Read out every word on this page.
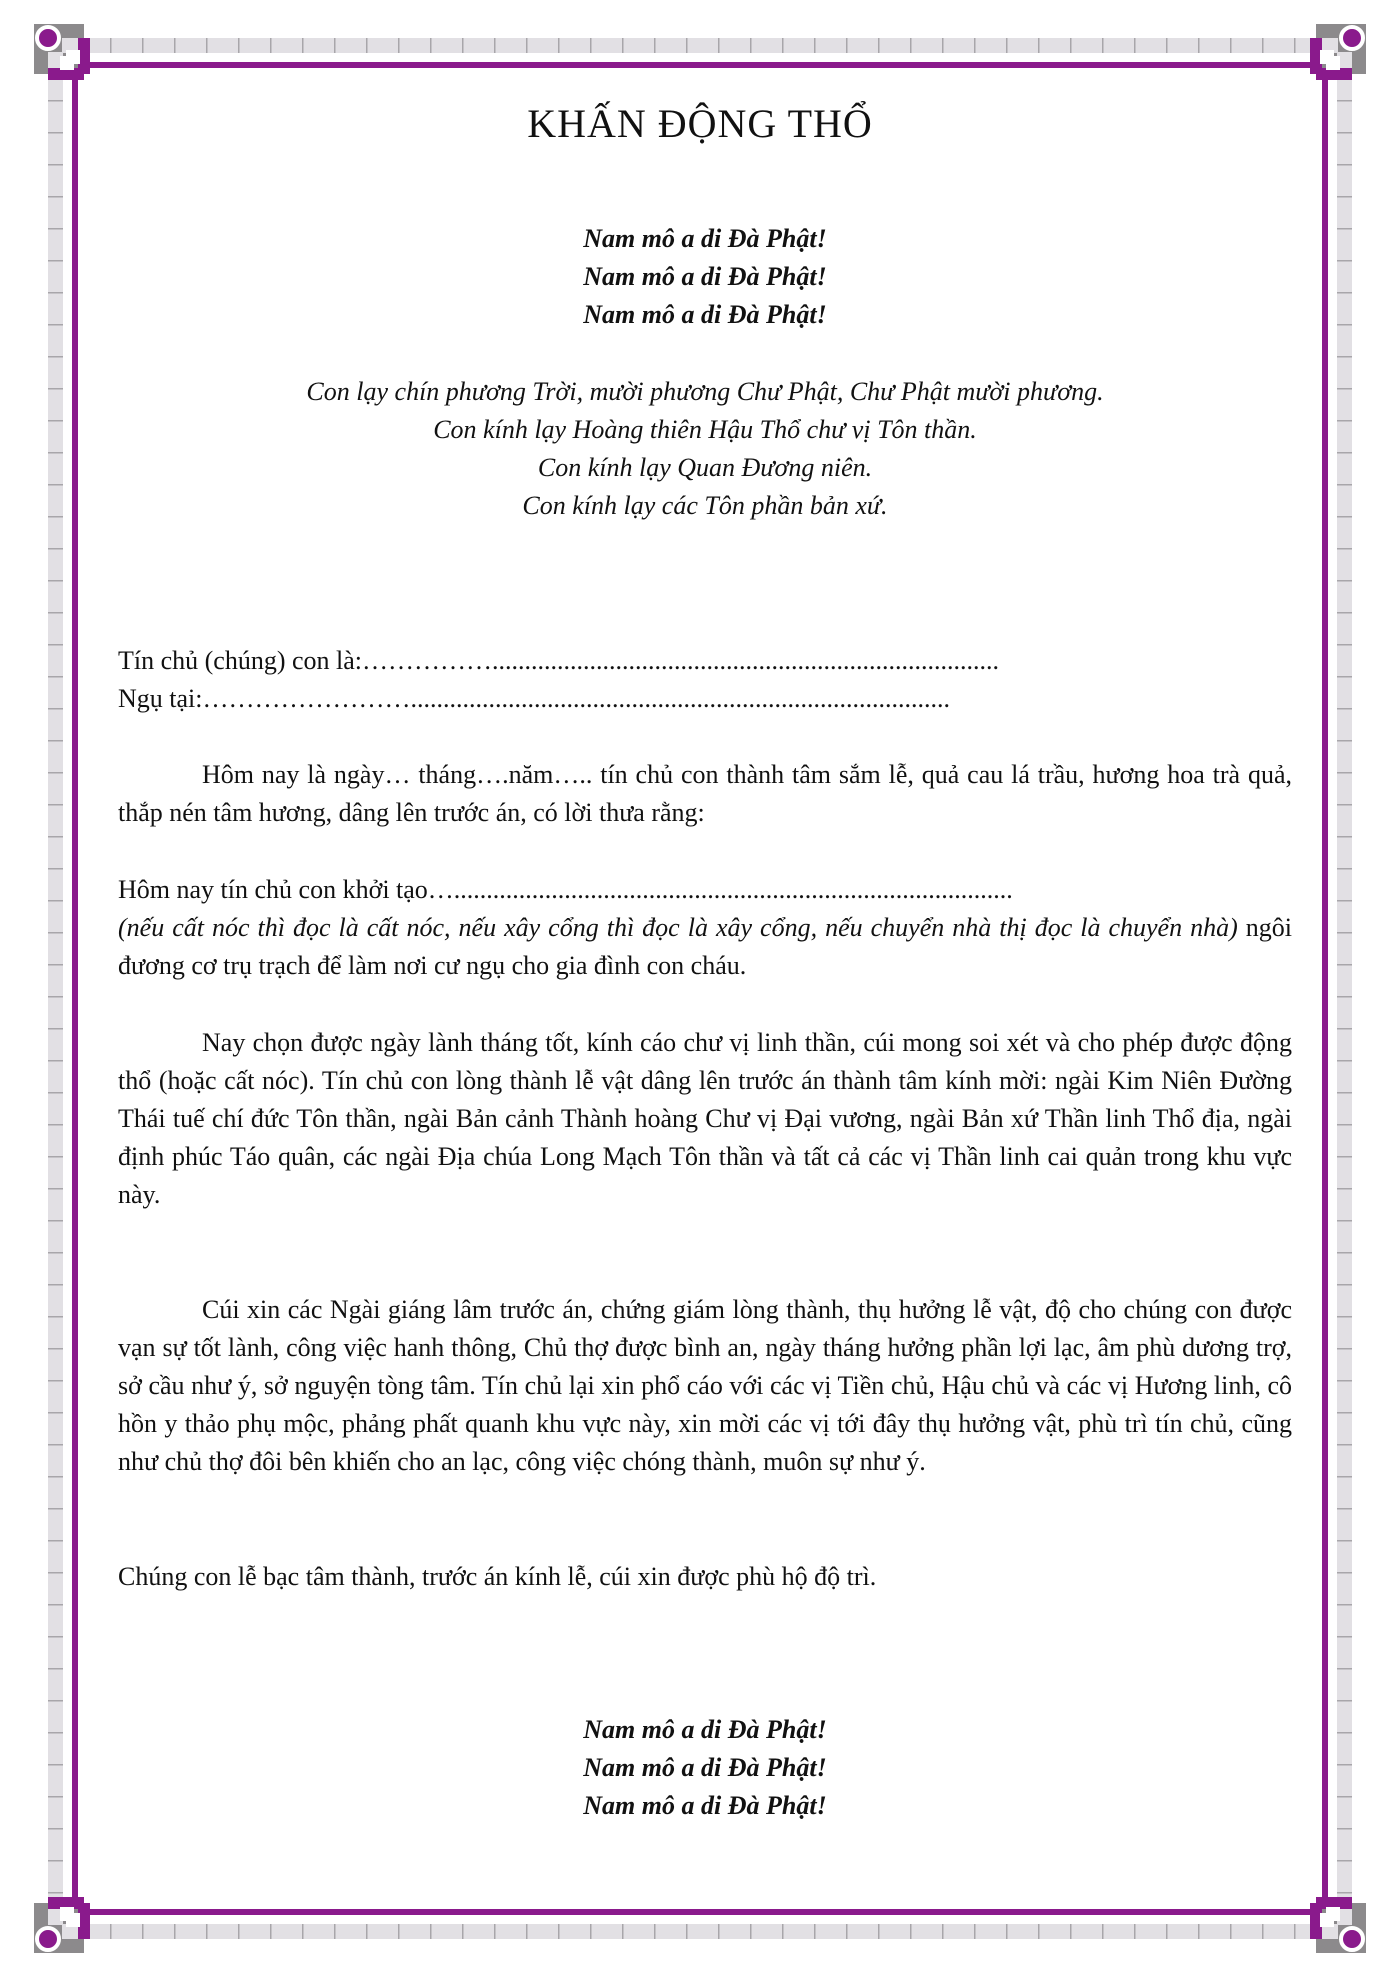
KHẤN ĐỘNG THỔ

Nam mô a di Đà Phật!

Nam mô a di Đà Phật!

Nam mô a di Đà Phật!

Con lạy chín phương Trời, mười phương Chư Phật, Chư Phật mười phương.

Con kính lạy Hoàng thiên Hậu Thổ chư vị Tôn thần.

Con kính lạy Quan Đương niên.

Con kính lạy các Tôn phần bản xứ.

Tín chủ (chúng) con là:……………..............................................................................

Ngụ tại:……………………...................................................................................

Hôm nay là ngày… tháng….năm….. tín chủ con thành tâm sắm lễ, quả cau lá trầu, hương hoa trà quả, thắp nén tâm hương, dâng lên trước án, có lời thưa rằng:

Hôm nay tín chủ con khởi tạo…......................................................................................

(nếu cất nóc thì đọc là cất nóc, nếu xây cổng thì đọc là xây cổng, nếu chuyển nhà thị đọc là chuyển nhà) ngôi đương cơ trụ trạch để làm nơi cư ngụ cho gia đình con cháu.

Nay chọn được ngày lành tháng tốt, kính cáo chư vị linh thần, cúi mong soi xét và cho phép được động thổ (hoặc cất nóc). Tín chủ con lòng thành lễ vật dâng lên trước án thành tâm kính mời: ngài Kim Niên Đường Thái tuế chí đức Tôn thần, ngài Bản cảnh Thành hoàng Chư vị Đại vương, ngài Bản xứ Thần linh Thổ địa, ngài định phúc Táo quân, các ngài Địa chúa Long Mạch Tôn thần và tất cả các vị Thần linh cai quản trong khu vực này.
Cúi xin các Ngài giáng lâm trước án, chứng giám lòng thành, thụ hưởng lễ vật, độ cho chúng con được vạn sự tốt lành, công việc hanh thông, Chủ thợ được bình an, ngày tháng hưởng phần lợi lạc, âm phù dương trợ, sở cầu như ý, sở nguyện tòng tâm. Tín chủ lại xin phổ cáo với các vị Tiền chủ, Hậu chủ và các vị Hương linh, cô hồn y thảo phụ mộc, phảng phất quanh khu vực này, xin mời các vị tới đây thụ hưởng vật, phù trì tín chủ, cũng như chủ thợ đôi bên khiến cho an lạc, công việc chóng thành, muôn sự như ý.
Chúng con lễ bạc tâm thành, trước án kính lễ, cúi xin được phù hộ độ trì.

Nam mô a di Đà Phật!

Nam mô a di Đà Phật!

Nam mô a di Đà Phật!
